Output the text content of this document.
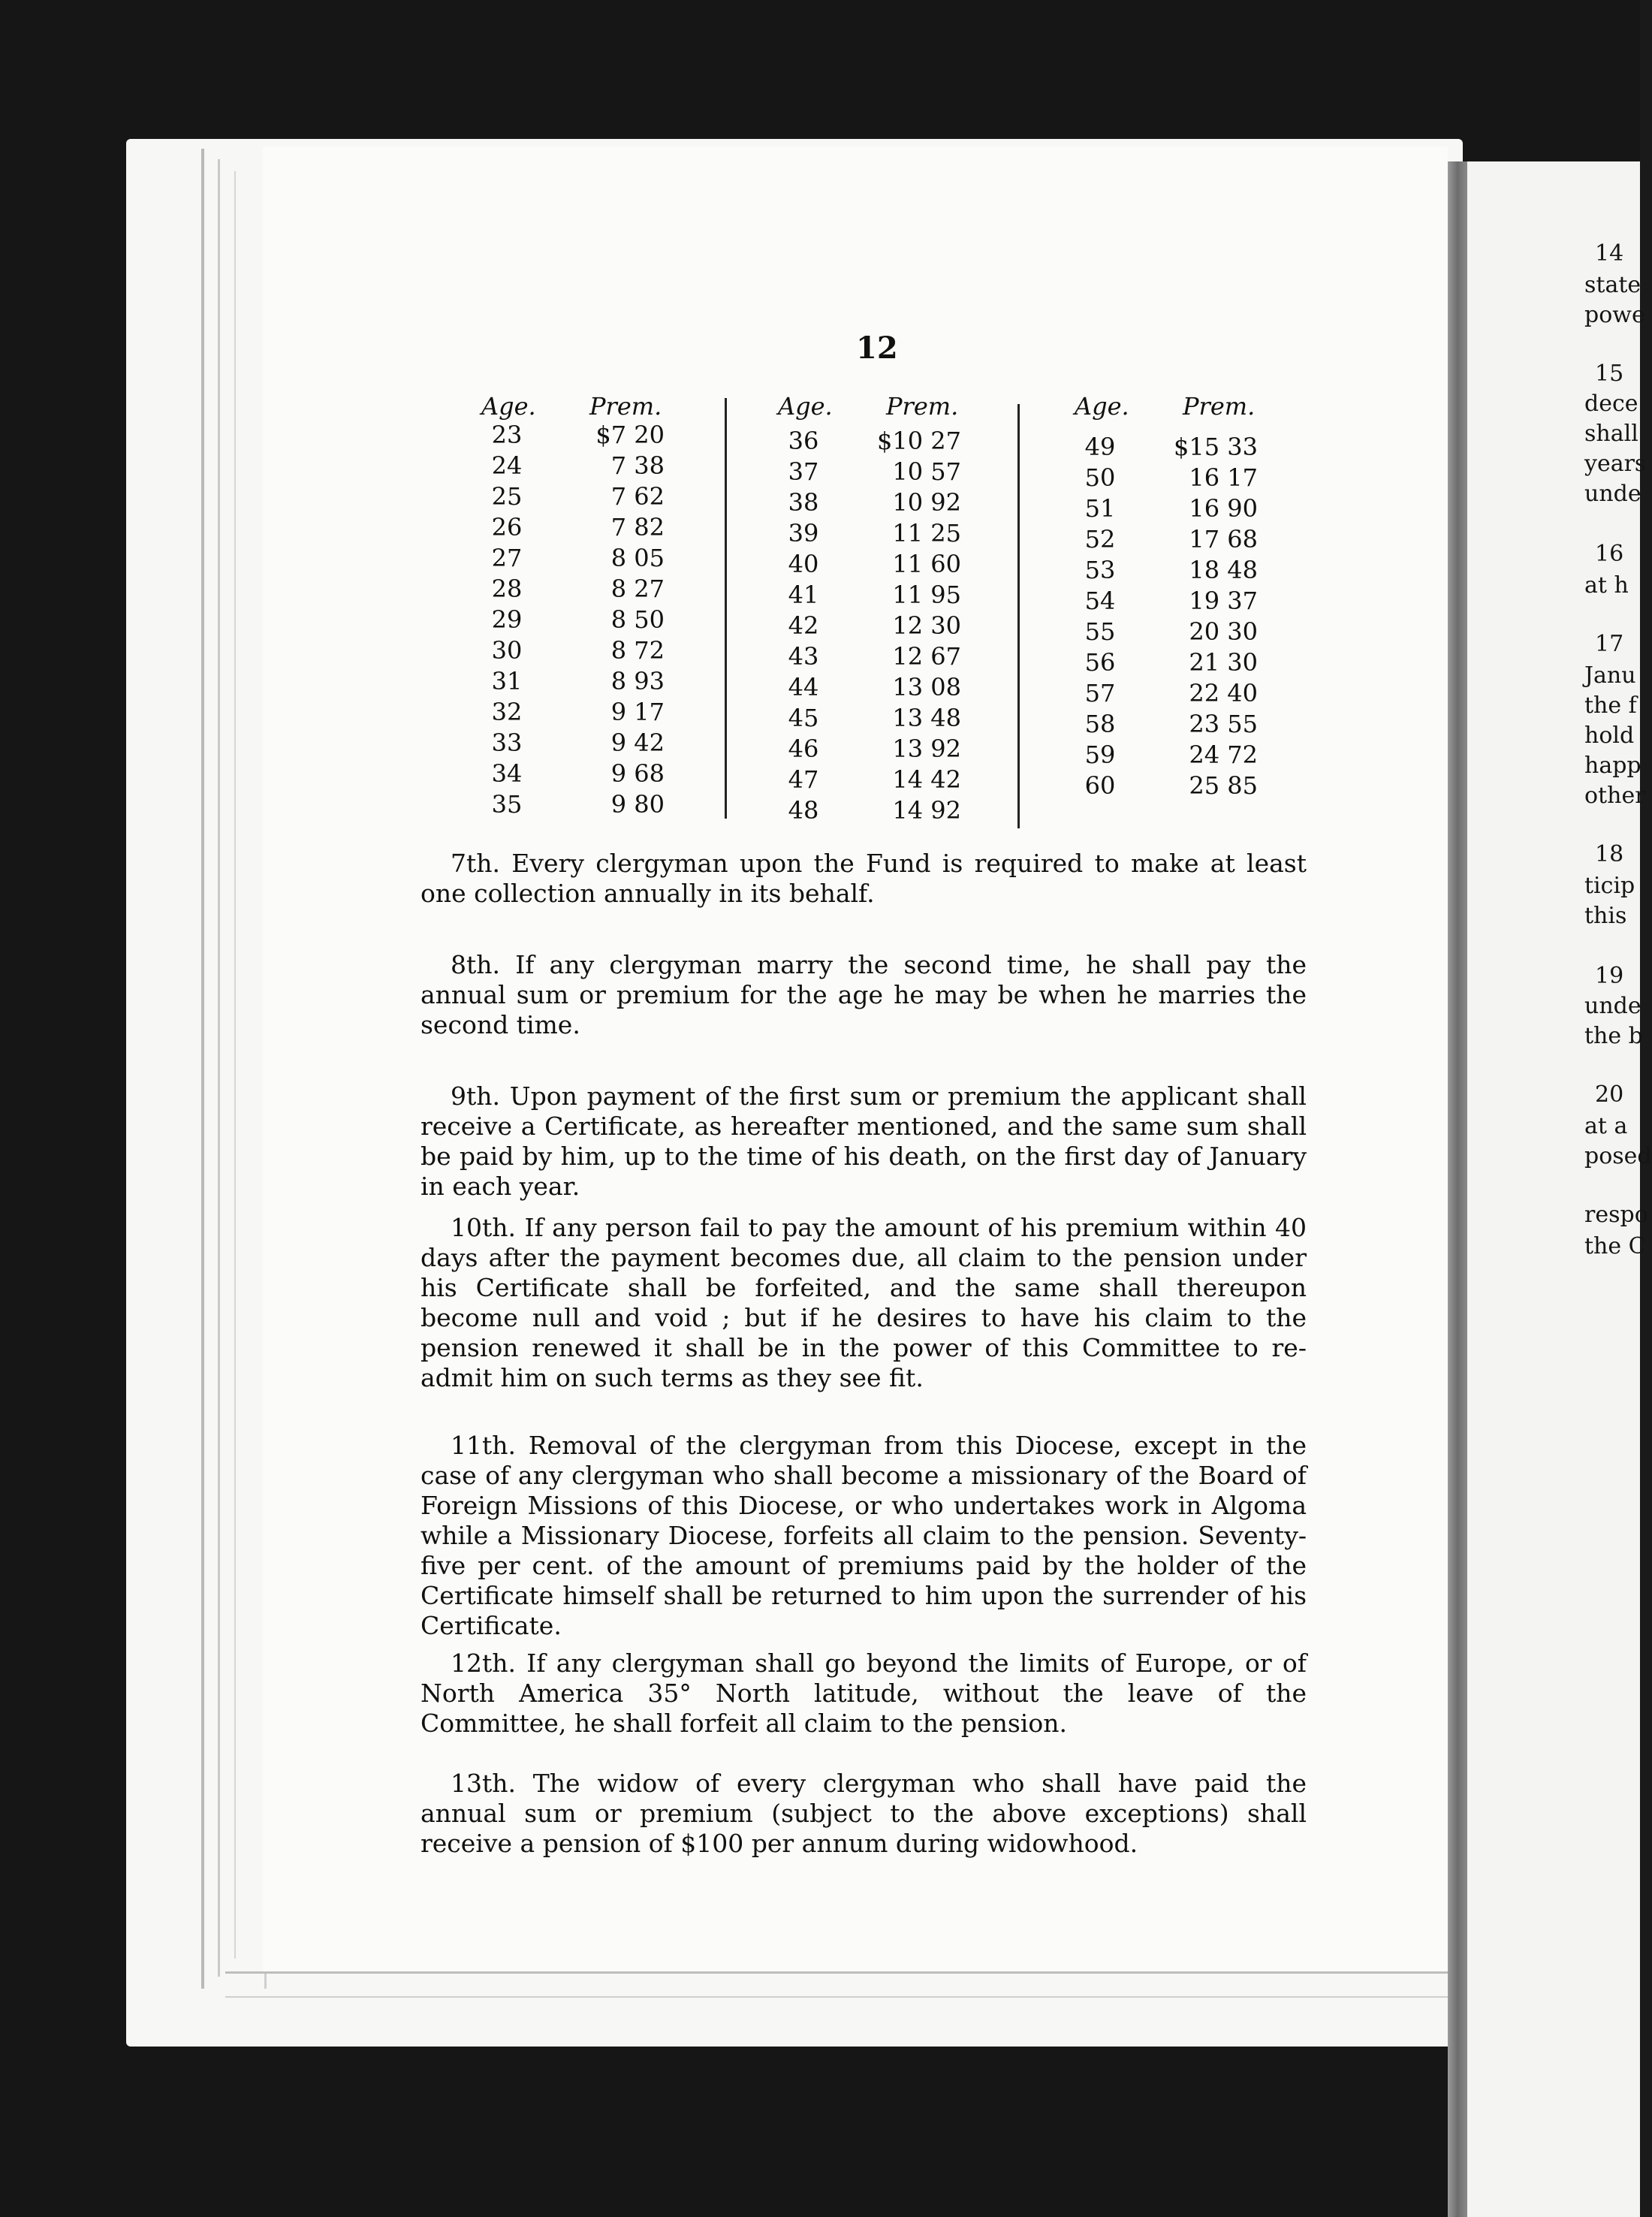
14
state
powe
15
dece
shall
years
unde
16
at h
17
Janu
the f
hold
happ
other
18
ticip
this
19
unde
the b
20
at a
posed
respo
the C
12
Age. Prem.
23	$7 20
24	7 38
25	7 62
26	7 82
27	8 05
28	8 27
29	8 50
30	8 72
31	8 93
32	9 17
33	9 42
34	9 68
35	9 80
Age. Prem.
36	$10 27
37	10 57
38	10 92
39	11 25
40	11 60
41	11 95
42	12 30
43	12 67
44	13 08
45	13 48
46	13 92
47	14 42
48	14 92
Age. Prem.
49	$15 33
50	16 17
51	16 90
52	17 68
53	18 48
54	19 37
55	20 30
56	21 30
57	22 40
58	23 55
59	24 72
60	25 85
7th. Every clergyman upon the Fund is required to make at least one collection annually in its behalf.
8th. If any clergyman marry the second time, he shall pay the annual sum or premium for the age he may be when he marries the second time.
9th. Upon payment of the first sum or premium the applicant shall receive a Certificate, as hereafter mentioned, and the same sum shall be paid by him, up to the time of his death, on the first day of January in each year.
10th. If any person fail to pay the amount of his premium within 40 days after the payment becomes due, all claim to the pension under his Certificate shall be forfeited, and the same shall thereupon become null and void ; but if he desires to have his claim to the pension renewed it shall be in the power of this Committee to re-admit him on such terms as they see fit.
11th. Removal of the clergyman from this Diocese, except in the case of any clergyman who shall become a missionary of the Board of Foreign Missions of this Diocese, or who undertakes work in Algoma while a Missionary Diocese, forfeits all claim to the pension. Seventy-five per cent. of the amount of premiums paid by the holder of the Certificate himself shall be returned to him upon the surrender of his Certificate.
12th. If any clergyman shall go beyond the limits of Europe, or of North America 35° North latitude, without the leave of the Committee, he shall forfeit all claim to the pension.
13th. The widow of every clergyman who shall have paid the annual sum or premium (subject to the above exceptions) shall receive a pension of $100 per annum during widowhood.
